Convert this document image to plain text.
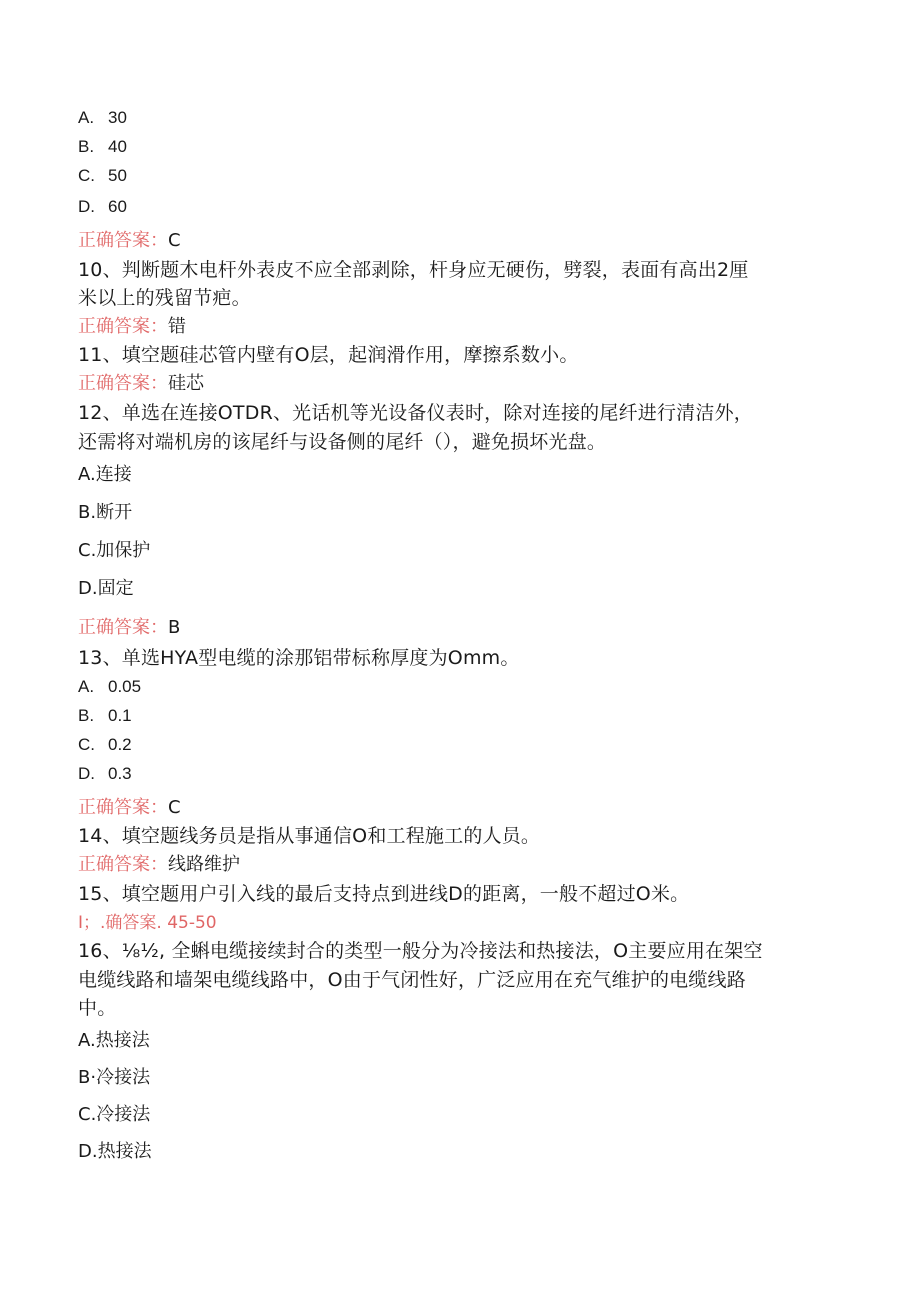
A. 30
B. 40
C. 50
D. 60
正确答案：C
10、判断题木电杆外表皮不应全部剥除，杆身应无硬伤，劈裂，表面有高出2厘
米以上的残留节疤。
正确答案：错
11、填空题硅芯管内壁有O层，起润滑作用，摩擦系数小。
正确答案：硅芯
12、单选在连接OTDR、光话机等光设备仪表时，除对连接的尾纤进行清洁外，
还需将对端机房的该尾纤与设备侧的尾纤（），避免损坏光盘。
A.连接
B.断开
C.加保护
D.固定
正确答案：B
13、单选HYA型电缆的涂那铝带标称厚度为Omm。
A. 0.05
B. 0.1
C. 0.2
D. 0.3
正确答案：C
14、填空题线务员是指从事通信O和工程施工的人员。
正确答案：线路维护
15、填空题用户引入线的最后支持点到进线D的距离，一般不超过O米。
I；.确答案. 45-50
16、⅛½, 全蝌电缆接续封合的类型一般分为冷接法和热接法，O主要应用在架空
电缆线路和墙架电缆线路中，O由于气闭性好，广泛应用在充气维护的电缆线路
中。
A.热接法
B·冷接法
C.冷接法
D.热接法
